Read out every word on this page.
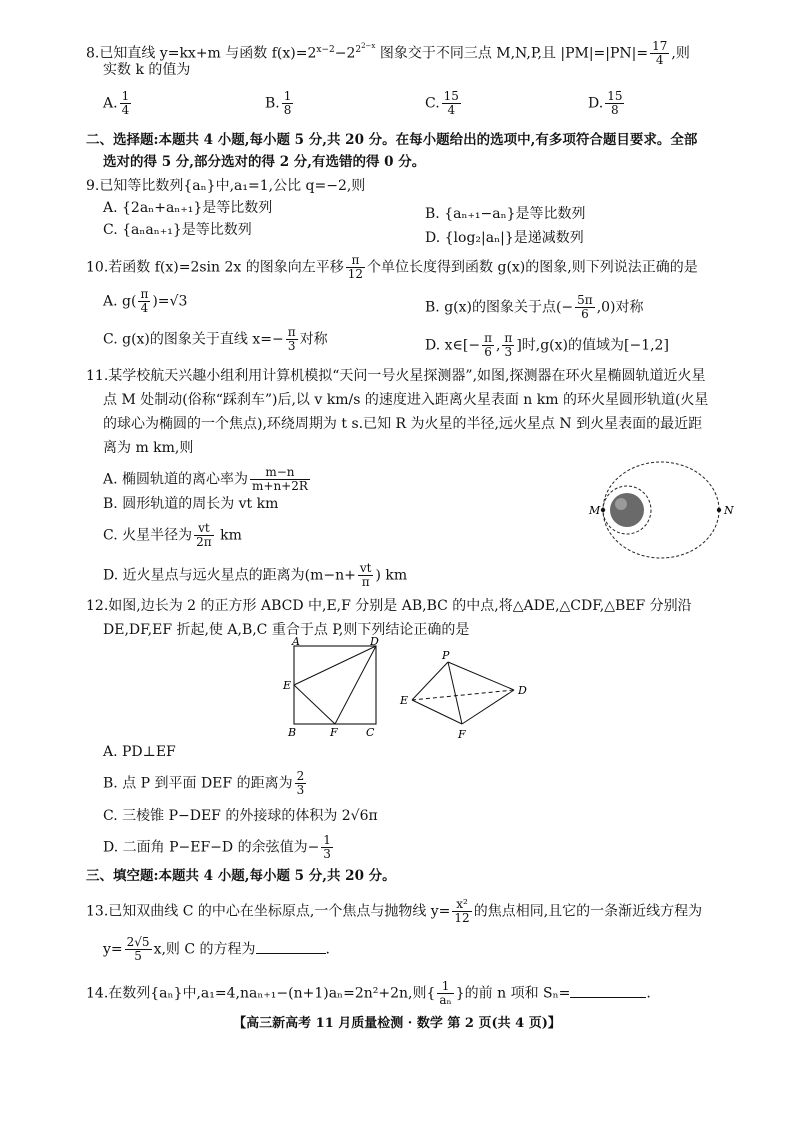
8.已知直线 y=kx+m 与函数 $f(x)=2^{x-2}-2^{2^{2-x}}$ 图象交于不同三点 M,N,P,且 $|PM|=|PN|= \frac{17}{4}$ ,则
实数 k 的值为
A. $\frac{1}{4}$	B. $\frac{1}{8}$	C. $\frac{15}{4}$	D. $\frac{15}{8}$
二、选择题:本题共 4 小题,每小题 5 分,共 20 分。在每小题给出的选项中,有多项符合题目要求。全部
选对的得 5 分,部分选对的得 2 分,有选错的得 0 分。
9.已知等比数列{aₙ}中,a₁=1,公比 q=−2,则
A. {2aₙ+aₙ₊₁}是等比数列	B. {aₙ₊₁−aₙ}是等比数列
C. {aₙaₙ₊₁}是等比数列	D. {log₂|aₙ|}是递减数列
10.若函数 f(x)=2sin 2x 的图象向左平移 $\frac{\pi}{12}$ 个单位长度得到函数 g(x)的图象,则下列说法正确的是
A. $g( \frac{\pi}{4} )=√3$	B. g(x)的图象关于点(− $\frac{5\pi}{6} ,0$)对称
C. g(x)的图象关于直线 $x=- \frac{\pi}{3}$ 对称	D. x∈[− $\frac{\pi}{6}$ , $\frac{\pi}{3}$ ]时,g(x)的值域为[−1,2]
11.某学校航天兴趣小组利用计算机模拟“天问一号火星探测器”,如图,探测器在环火星椭圆轨道近火星
点 M 处制动(俗称“踩刹车”)后,以 v km/s 的速度进入距离火星表面 n km 的环火星圆形轨道(火星
的球心为椭圆的一个焦点),环绕周期为 t s.已知 R 为火星的半径,远火星点 N 到火星表面的最近距
离为 m km,则
A. 椭圆轨道的离心率为 $\frac{m-n}{m+n+2R}$
B. 圆形轨道的周长为 vt km
C. 火星半径为 $\frac{vt}{2\pi}$ km
D. 近火星点与远火星点的距离为($m-n+ \frac{vt}{\pi}$ ) km
M	N
12.如图,边长为 2 的正方形 ABCD 中,E,F 分别是 AB,BC 的中点,将△ADE,△CDF,△BEF 分别沿
DE,DF,EF 折起,使 A,B,C 重合于点 P,则下列结论正确的是
A	D
E
B	F	C
P
E
D
F
A. PD⊥EF
B. 点 P 到平面 DEF 的距离为 $\frac{2}{3}$
C. 三棱锥 P−DEF 的外接球的体积为 2√6π
D. 二面角 P−EF−D 的余弦值为− $\frac{1}{3}$
三、填空题:本题共 4 小题,每小题 5 分,共 20 分。
13.已知双曲线 C 的中心在坐标原点,一个焦点与抛物线 $y= \frac{\text{x²}}{12}$ 的焦点相同,且它的一条渐近线方程为
$y= \frac{2√5}{5} x$,则 C 的方程为	.
14.在数列{aₙ}中,a₁=4,naₙ₊₁−(n+1)aₙ=2n²+2n,则{ $\frac{1}{\text{aₙ}}$ }的前 n 项和 Sₙ=	.
【高三新高考 11 月质量检测 · 数学 第 2 页(共 4 页)】
